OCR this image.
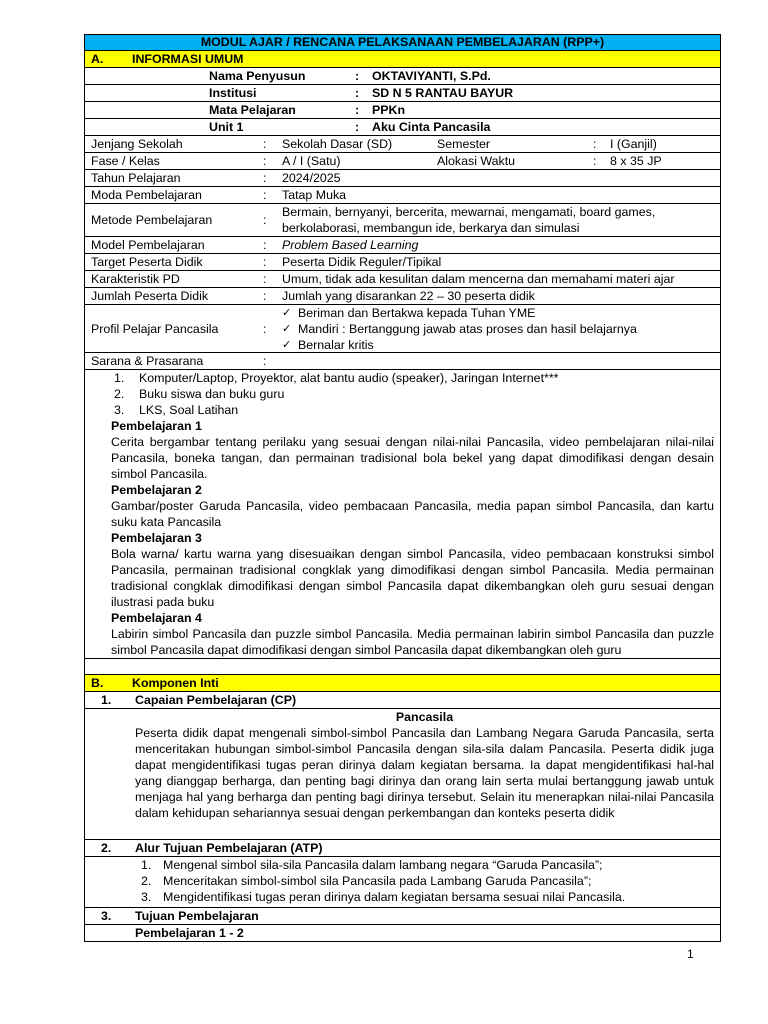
MODUL AJAR / RENCANA PELAKSANAAN PEMBELAJARAN (RPP+)
A. INFORMASI UMUM
Nama Penyusun	: OKTAVIYANTI, S.Pd.
Institusi	: SD N 5 RANTAU BAYUR
Mata Pelajaran	: PPKn
Unit 1	: Aku Cinta Pancasila
Jenjang Sekolah	: Sekolah Dasar (SD)	Semester	: I (Ganjil)
Fase / Kelas	: A / I (Satu)	Alokasi Waktu	: 8 x 35 JP
Tahun Pelajaran	: 2024/2025
Moda Pembelajaran	: Tatap Muka
Metode Pembelajaran	:
Bermain, bernyanyi, bercerita, mewarnai, mengamati, board games, berkolaborasi, membangun ide, berkarya dan simulasi
Model Pembelajaran	: Problem Based Learning
Target Peserta Didik	: Peserta Didik Reguler/Tipikal
Karakteristik PD	: Umum, tidak ada kesulitan dalam mencerna dan memahami materi ajar
Jumlah Peserta Didik	: Jumlah yang disarankan 22 – 30 peserta didik
Profil Pelajar Pancasila	:
✓ Beriman dan Bertakwa kepada Tuhan YME
✓ Mandiri : Bertanggung jawab atas proses dan hasil belajarnya
✓ Bernalar kritis
Sarana & Prasarana	:
1. Komputer/Laptop, Proyektor, alat bantu audio (speaker), Jaringan Internet***
2. Buku siswa dan buku guru
3. LKS, Soal Latihan
Pembelajaran 1
Cerita bergambar tentang perilaku yang sesuai dengan nilai-nilai Pancasila, video pembelajaran nilai-nilai Pancasila, boneka tangan, dan permainan tradisional bola bekel yang dapat dimodifikasi dengan desain simbol Pancasila.
Pembelajaran 2
Gambar/poster Garuda Pancasila, video pembacaan Pancasila, media papan simbol Pancasila, dan kartu suku kata Pancasila
Pembelajaran 3
Bola warna/ kartu warna yang disesuaikan dengan simbol Pancasila, video pembacaan konstruksi simbol Pancasila, permainan tradisional congklak yang dimodifikasi dengan simbol Pancasila. Media permainan tradisional congklak dimodifikasi dengan simbol Pancasila dapat dikembangkan oleh guru sesuai dengan ilustrasi pada buku
Pembelajaran 4
Labirin simbol Pancasila dan puzzle simbol Pancasila. Media permainan labirin simbol Pancasila dan puzzle simbol Pancasila dapat dimodifikasi dengan simbol Pancasila dapat dikembangkan oleh guru
B. Komponen Inti
1. Capaian Pembelajaran (CP)
Pancasila
Peserta didik dapat mengenali simbol-simbol Pancasila dan Lambang Negara Garuda Pancasila, serta menceritakan hubungan simbol-simbol Pancasila dengan sila-sila dalam Pancasila. Peserta didik juga dapat mengidentifikasi tugas peran dirinya dalam kegiatan bersama. Ia dapat mengidentifikasi hal-hal yang dianggap berharga, dan penting bagi dirinya dan orang lain serta mulai bertanggung jawab untuk menjaga hal yang berharga dan penting bagi dirinya tersebut. Selain itu menerapkan nilai-nilai Pancasila dalam kehidupan sehariannya sesuai dengan perkembangan dan konteks peserta didik
2. Alur Tujuan Pembelajaran (ATP)
1. Mengenal simbol sila-sila Pancasila dalam lambang negara “Garuda Pancasila”;
2. Menceritakan simbol-simbol sila Pancasila pada Lambang Garuda Pancasila”;
3. Mengidentifikasi tugas peran dirinya dalam kegiatan bersama sesuai nilai Pancasila.
3. Tujuan Pembelajaran
Pembelajaran 1 - 2
1
